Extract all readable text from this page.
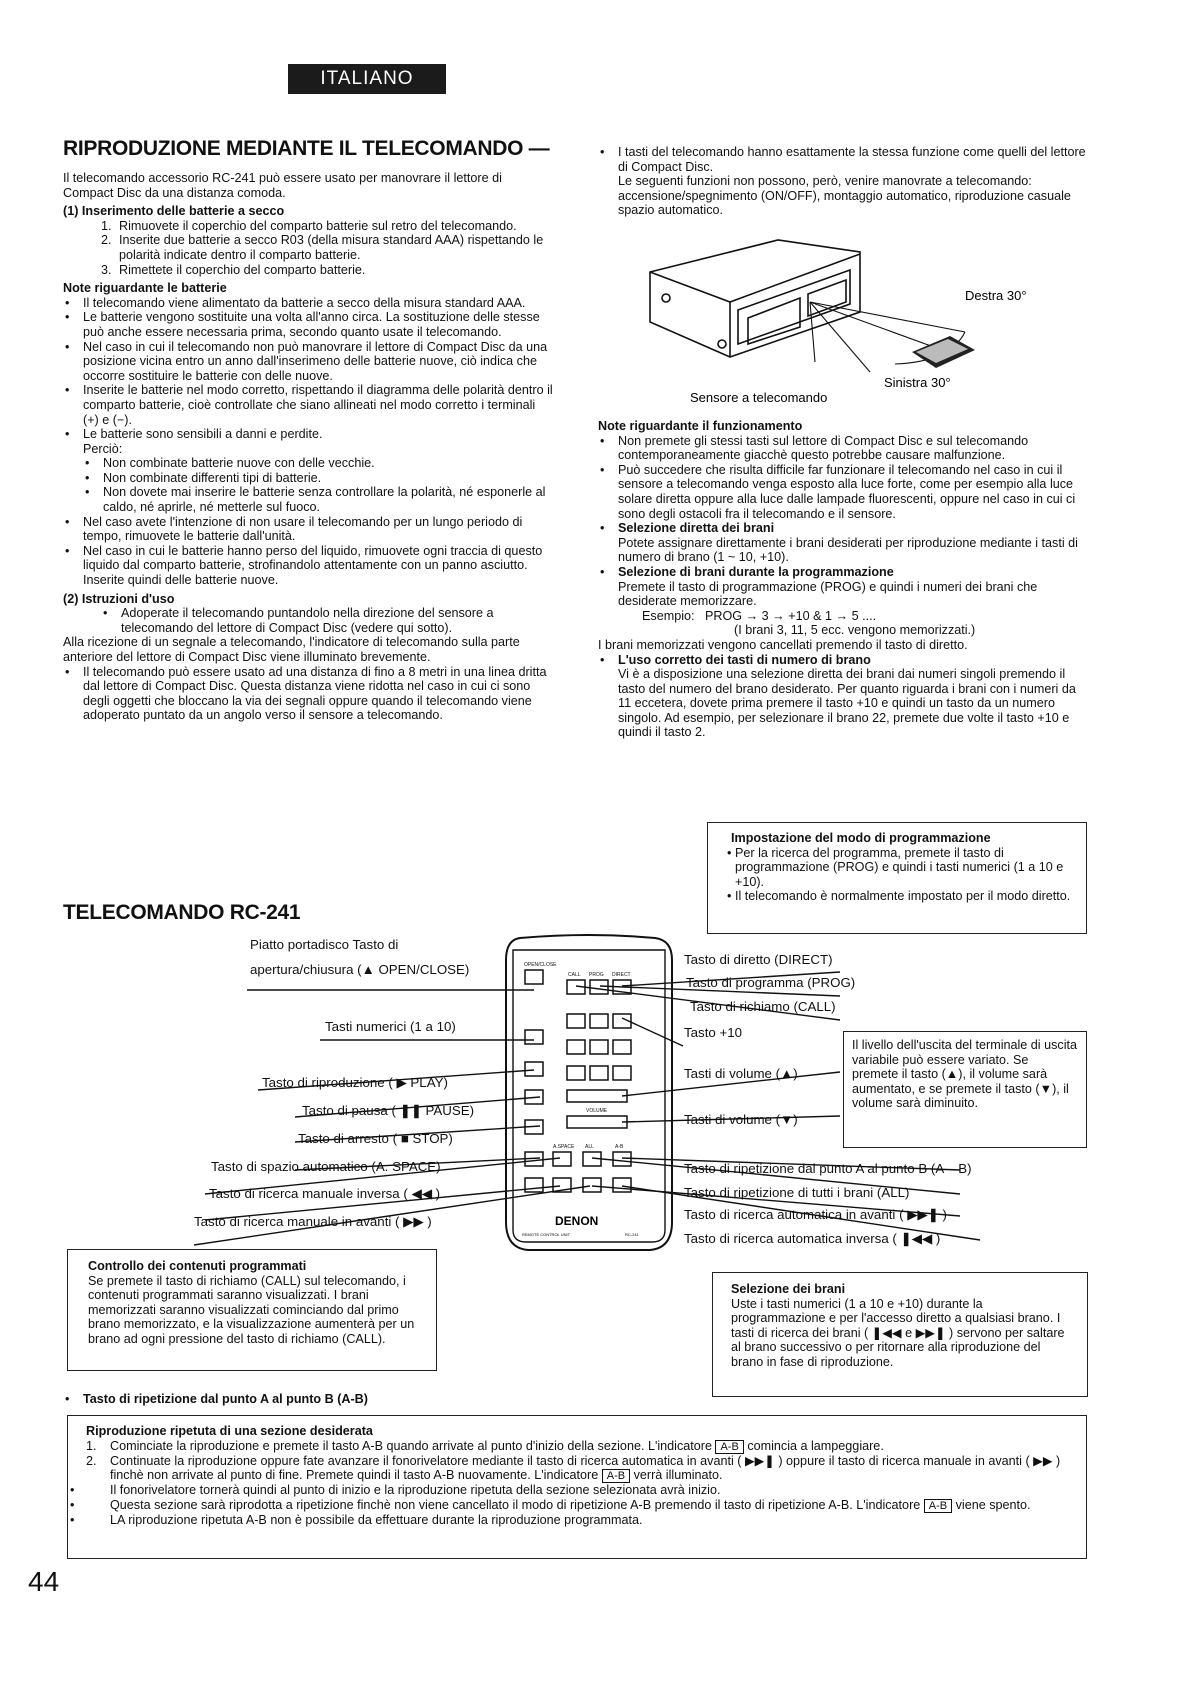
ITALIANO
RIPRODUZIONE MEDIANTE IL TELECOMANDO —

Il telecomando accessorio RC-241 può essere usato per manovrare il lettore di Compact Disc da una distanza comoda.

(1) Inserimento delle batterie a secco

1. Rimuovete il coperchio del comparto batterie sul retro del telecomando.
2. Inserite due batterie a secco R03 (della misura standard AAA) rispettando le polarità indicate dentro il comparto batterie.
3. Rimettete il coperchio del comparto batterie.

Note riguardante le batterie

• Il telecomando viene alimentato da batterie a secco della misura standard AAA.
• Le batterie vengono sostituite una volta all'anno circa. La sostituzione delle stesse può anche essere necessaria prima, secondo quanto usate il telecomando.
• Nel caso in cui il telecomando non può manovrare il lettore di Compact Disc da una posizione vicina entro un anno dall'inserimeno delle batterie nuove, ciò indica che occorre sostituire le batterie con delle nuove.
• Inserite le batterie nel modo corretto, rispettando il diagramma delle polarità dentro il comparto batterie, cioè controllate che siano allineati nel modo corretto i terminali (+) e (−).
• Le batterie sono sensibili a danni e perdite.
Perciò:
• Non combinate batterie nuove con delle vecchie.
• Non combinate differenti tipi di batterie.
• Non dovete mai inserire le batterie senza controllare la polarità, né esponerle al caldo, né aprirle, né metterle sul fuoco.
• Nel caso avete l'intenzione di non usare il telecomando per un lungo periodo di tempo, rimuovete le batterie dall'unità.
• Nel caso in cui le batterie hanno perso del liquido, rimuovete ogni traccia di questo liquido dal comparto batterie, strofinandolo attentamente con un panno asciutto. Inserite quindi delle batterie nuove.

(2) Istruzioni d'uso

• Adoperate il telecomando puntandolo nella direzione del sensore a telecomando del lettore di Compact Disc (vedere qui sotto).

Alla ricezione di un segnale a telecomando, l'indicatore di telecomando sulla parte anteriore del lettore di Compact Disc viene illuminato brevemente.

• Il telecomando può essere usato ad una distanza di fino a 8 metri in una linea dritta dal lettore di Compact Disc. Questa distanza viene ridotta nel caso in cui ci sono degli oggetti che bloccano la via dei segnali oppure quando il telecomando viene adoperato puntato da un angolo verso il sensore a telecomando.
• I tasti del telecomando hanno esattamente la stessa funzione come quelli del lettore di Compact Disc.
Le seguenti funzioni non possono, però, venire manovrate a telecomando: accensione/spegnimento (ON/OFF), montaggio automatico, riproduzione casuale spazio automatico.
Destra 30°
Sinistra 30°
Sensore a telecomando

Note riguardante il funzionamento

• Non premete gli stessi tasti sul lettore di Compact Disc e sul telecomando contemporaneamente giacchè questo potrebbe causare malfunzione.
• Può succedere che risulta difficile far funzionare il telecomando nel caso in cui il sensore a telecomando venga esposto alla luce forte, come per esempio alla luce solare diretta oppure alla luce dalle lampade fluorescenti, oppure nel caso in cui ci sono degli ostacoli fra il telecomando e il sensore.
• Selezione diretta dei brani
Potete assignare direttamente i brani desiderati per riproduzione mediante i tasti di numero di brano (1 ~ 10, +10).
• Selezione di brani durante la programmazione
Premete il tasto di programmazione (PROG) e quindi i numeri dei brani che desiderate memorizzare.
Esempio: PROG → 3 → +10 & 1 → 5 ....
(I brani 3, 11, 5 ecc. vengono memorizzati.)

I brani memorizzati vengono cancellati premendo il tasto di diretto.

• L'uso corretto dei tasti di numero di brano
Vi è a disposizione una selezione diretta dei brani dai numeri singoli premendo il tasto del numero del brano desiderato. Per quanto riguarda i brani con i numeri da 11 eccetera, dovete prima premere il tasto +10 e quindi un tasto da un numero singolo. Ad esempio, per selezionare il brano 22, premete due volte il tasto +10 e quindi il tasto 2.
Impostazione del modo di programmazione
• Per la ricerca del programma, premete il tasto di programmazione (PROG) e quindi i tasti numerici (1 a 10 e +10).
• Il telecomando è normalmente impostato per il modo diretto.
TELECOMANDO RC-241
OPEN/CLOSE
CALL PROG DIRECT
VOLUME
A.SPACE ALL	A-B
DENON
REMOTE CONTROL UNIT	RC-241
Piatto portadisco Tasto di
apertura/chiusura (▲ OPEN/CLOSE)
Tasti numerici (1 a 10)
Tasto di riproduzione ( ▶ PLAY)
Tasto di pausa ( ❚❚ PAUSE)
Tasto di arresto ( ■ STOP)
Tasto di spazio automatico (A. SPACE)
Tasto di ricerca manuale inversa ( ◀◀ )
Tasto di ricerca manuale in avanti ( ▶▶ )
Tasto di diretto (DIRECT)
Tasto di programma (PROG)
Tasto di richiamo (CALL)
Tasto +10
Tasti di volume (▲)
Tasti di volume (▼)
Tasto di ripetizione dal punto A al punto B (A – B)
Tasto di ripetizione di tutti i brani (ALL)
Tasto di ricerca automatica in avanti ( ▶▶❚ )
Tasto di ricerca automatica inversa ( ❚◀◀ )
Il livello dell'uscita del terminale di uscita variabile può essere variato. Se premete il tasto (▲), il volume sarà aumentato, e se premete il tasto (▼), il volume sarà diminuito.
Controllo dei contenuti programmati
Se premete il tasto di richiamo (CALL) sul telecomando, i contenuti programmati saranno visualizzati. I brani memorizzati saranno visualizzati cominciando dal primo brano memorizzato, e la visualizzazione aumenterà per un brano ad ogni pressione del tasto di richiamo (CALL).
Selezione dei brani
Uste i tasti numerici (1 a 10 e +10) durante la programmazione e per l'accesso diretto a qualsiasi brano. I tasti di ricerca dei brani ( ❚◀◀ e ▶▶❚ ) servono per saltare al brano successivo o per ritornare alla riproduzione del brano in fase di riproduzione.
• Tasto di ripetizione dal punto A al punto B (A-B)
Riproduzione ripetuta di una sezione desiderata
1. Cominciate la riproduzione e premete il tasto A-B quando arrivate al punto d'inizio della sezione. L'indicatore A-B comincia a lampeggiare.
2. Continuate la riproduzione oppure fate avanzare il fonorivelatore mediante il tasto di ricerca automatica in avanti ( ▶▶❚ ) oppure il tasto di ricerca manuale in avanti ( ▶▶ ) finchè non arrivate al punto di fine. Premete quindi il tasto A-B nuovamente. L'indicatore A-B verrà illuminato.
• Il fonorivelatore tornerà quindi al punto di inizio e la riproduzione ripetuta della sezione selezionata avrà inizio.
• Questa sezione sarà riprodotta a ripetizione finchè non viene cancellato il modo di ripetizione A-B premendo il tasto di ripetizione A-B. L'indicatore A-B viene spento.
• LA riproduzione ripetuta A-B non è possibile da effettuare durante la riproduzione programmata.
44
